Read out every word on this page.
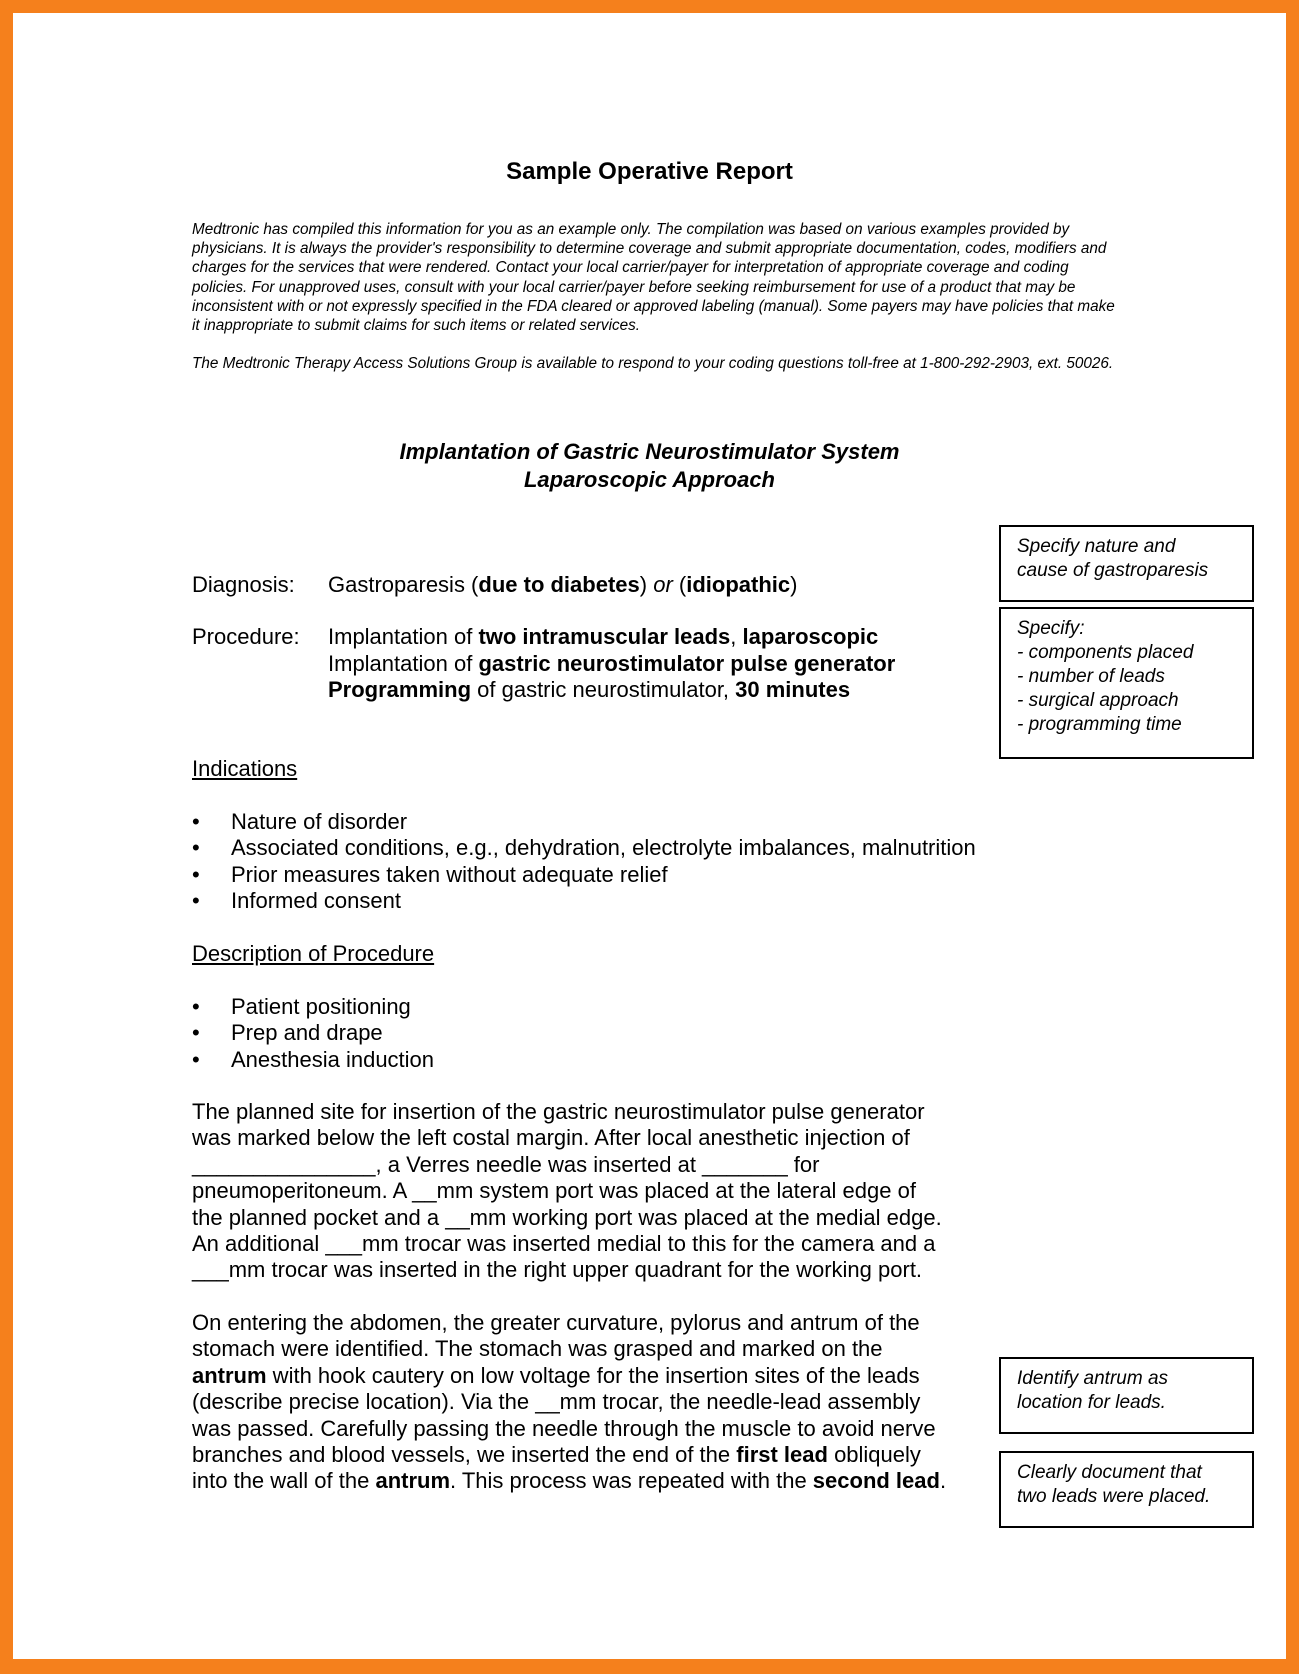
Sample Operative Report

Medtronic has compiled this information for you as an example only. The compilation was based on various examples provided by physicians. It is always the provider's responsibility to determine coverage and submit appropriate documentation, codes, modifiers and charges for the services that were rendered. Contact your local carrier/payer for interpretation of appropriate coverage and coding policies. For unapproved uses, consult with your local carrier/payer before seeking reimbursement for use of a product that may be inconsistent with or not expressly specified in the FDA cleared or approved labeling (manual). Some payers may have policies that make it inappropriate to submit claims for such items or related services.

The Medtronic Therapy Access Solutions Group is available to respond to your coding questions toll-free at 1-800-292-2903, ext. 50026.

Implantation of Gastric Neurostimulator System
Laparoscopic Approach
Diagnosis: Gastroparesis (due to diabetes) or (idiopathic)
Procedure: Implantation of two intramuscular leads, laparoscopic
Implantation of gastric neurostimulator pulse generator
Programming of gastric neurostimulator, 30 minutes
Indications
• Nature of disorder
• Associated conditions, e.g., dehydration, electrolyte imbalances, malnutrition
• Prior measures taken without adequate relief
• Informed consent
Description of Procedure
• Patient positioning
• Prep and drape
• Anesthesia induction

The planned site for insertion of the gastric neurostimulator pulse generator

was marked below the left costal margin. After local anesthetic injection of

_______________, a Verres needle was inserted at _______ for

pneumoperitoneum. A __mm system port was placed at the lateral edge of

the planned pocket and a __mm working port was placed at the medial edge.

An additional ___mm trocar was inserted medial to this for the camera and a

___mm trocar was inserted in the right upper quadrant for the working port.

On entering the abdomen, the greater curvature, pylorus and antrum of the

stomach were identified. The stomach was grasped and marked on the

antrum with hook cautery on low voltage for the insertion sites of the leads

(describe precise location). Via the __mm trocar, the needle-lead assembly

was passed. Carefully passing the needle through the muscle to avoid nerve

branches and blood vessels, we inserted the end of the first lead obliquely

into the wall of the antrum. This process was repeated with the second lead.

Specify nature and
cause of gastroparesis
Specify:
- components placed
- number of leads
- surgical approach
- programming time
Identify antrum as
location for leads.
Clearly document that
two leads were placed.
